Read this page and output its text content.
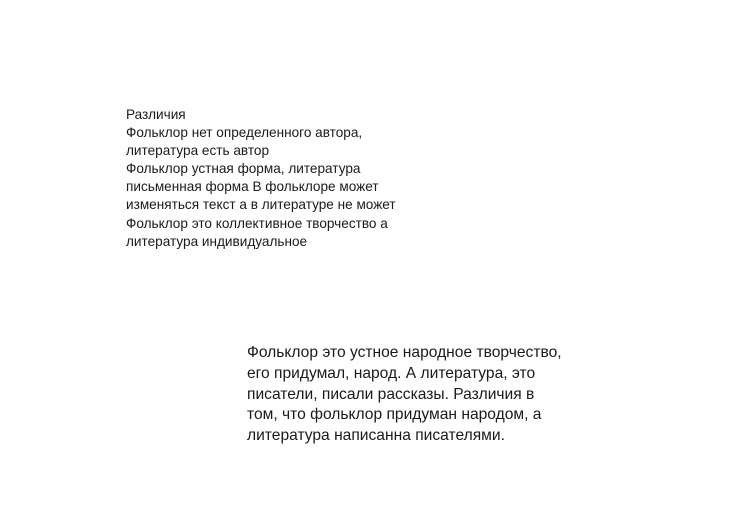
Различия
Фольклор нет определенного автора,
литература есть автор
Фольклор устная форма, литература
письменная форма В фольклоре может
изменяться текст а в литературе не может
Фольклор это коллективное творчество а
литература индивидуальное
Фольклор это устное народное творчество,
его придумал, народ. А литература, это
писатели, писали рассказы. Различия в
том, что фольклор придуман народом, а
литература написанна писателями.
